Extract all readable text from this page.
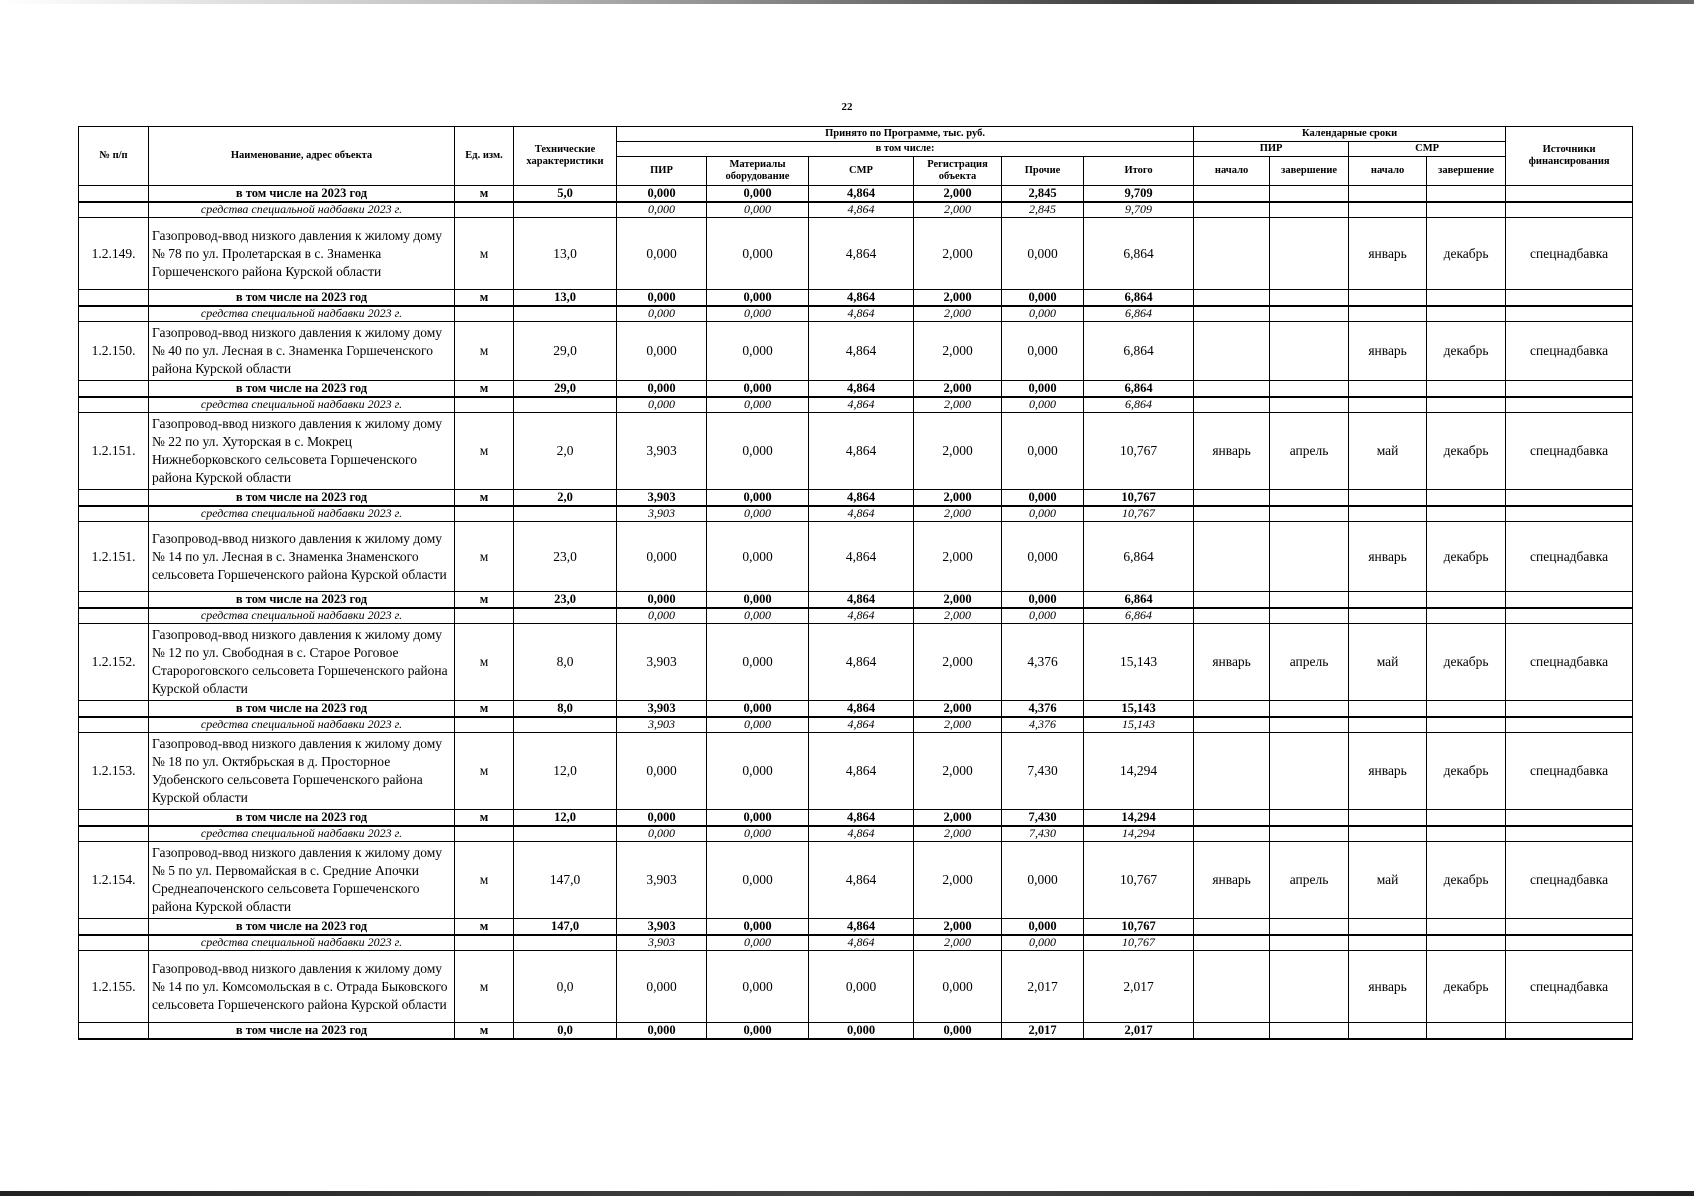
22
№ п/п	Наименование, адрес объекта	Ед. изм.	Технические характеристики	Принято по Программе, тыс. руб.						Календарные сроки				Источники финансирования
				в том числе:						ПИР		СМР		
				ПИР	Материалы оборудование	СМР	Регистрация объекта	Прочие	Итого	начало	завершение	начало	завершение	
	в том числе на 2023 год	м	5,0	0,000	0,000	4,864	2,000	2,845	9,709					
	средства специальной надбавки 2023 г.			0,000	0,000	4,864	2,000	2,845	9,709					
1.2.149.	Газопровод-ввод низкого давления к жилому дому № 78 по ул. Пролетарская в с. Знаменка Горшеченского района Курской области	м	13,0	0,000	0,000	4,864	2,000	0,000	6,864			январь	декабрь	спецнадбавка
	в том числе на 2023 год	м	13,0	0,000	0,000	4,864	2,000	0,000	6,864					
	средства специальной надбавки 2023 г.			0,000	0,000	4,864	2,000	0,000	6,864					
1.2.150.	Газопровод-ввод низкого давления к жилому дому № 40 по ул. Лесная в с. Знаменка Горшеченского района Курской области	м	29,0	0,000	0,000	4,864	2,000	0,000	6,864			январь	декабрь	спецнадбавка
	в том числе на 2023 год	м	29,0	0,000	0,000	4,864	2,000	0,000	6,864					
	средства специальной надбавки 2023 г.			0,000	0,000	4,864	2,000	0,000	6,864					
1.2.151.	Газопровод-ввод низкого давления к жилому дому № 22 по ул. Хуторская в с. Мокрец Нижнеборковского сельсовета Горшеченского района Курской области	м	2,0	3,903	0,000	4,864	2,000	0,000	10,767	январь	апрель	май	декабрь	спецнадбавка
	в том числе на 2023 год	м	2,0	3,903	0,000	4,864	2,000	0,000	10,767					
	средства специальной надбавки 2023 г.			3,903	0,000	4,864	2,000	0,000	10,767					
1.2.151.	Газопровод-ввод низкого давления к жилому дому № 14 по ул. Лесная в с. Знаменка Знаменского сельсовета Горшеченского района Курской области	м	23,0	0,000	0,000	4,864	2,000	0,000	6,864			январь	декабрь	спецнадбавка
	в том числе на 2023 год	м	23,0	0,000	0,000	4,864	2,000	0,000	6,864					
	средства специальной надбавки 2023 г.			0,000	0,000	4,864	2,000	0,000	6,864					
1.2.152.	Газопровод-ввод низкого давления к жилому дому № 12 по ул. Свободная в с. Старое Роговое Старороговского сельсовета Горшеченского района Курской области	м	8,0	3,903	0,000	4,864	2,000	4,376	15,143	январь	апрель	май	декабрь	спецнадбавка
	в том числе на 2023 год	м	8,0	3,903	0,000	4,864	2,000	4,376	15,143					
	средства специальной надбавки 2023 г.			3,903	0,000	4,864	2,000	4,376	15,143					
1.2.153.	Газопровод-ввод низкого давления к жилому дому № 18 по ул. Октябрьская в д. Просторное Удобенского сельсовета Горшеченского района Курской области	м	12,0	0,000	0,000	4,864	2,000	7,430	14,294			январь	декабрь	спецнадбавка
	в том числе на 2023 год	м	12,0	0,000	0,000	4,864	2,000	7,430	14,294					
	средства специальной надбавки 2023 г.			0,000	0,000	4,864	2,000	7,430	14,294					
1.2.154.	Газопровод-ввод низкого давления к жилому дому № 5 по ул. Первомайская в с. Средние Апочки Среднеапоченского сельсовета Горшеченского района Курской области	м	147,0	3,903	0,000	4,864	2,000	0,000	10,767	январь	апрель	май	декабрь	спецнадбавка
	в том числе на 2023 год	м	147,0	3,903	0,000	4,864	2,000	0,000	10,767					
	средства специальной надбавки 2023 г.			3,903	0,000	4,864	2,000	0,000	10,767					
1.2.155.	Газопровод-ввод низкого давления к жилому дому № 14 по ул. Комсомольская в с. Отрада Быковского сельсовета Горшеченского района Курской области	м	0,0	0,000	0,000	0,000	0,000	2,017	2,017			январь	декабрь	спецнадбавка
	в том числе на 2023 год	м	0,0	0,000	0,000	0,000	0,000	2,017	2,017					
